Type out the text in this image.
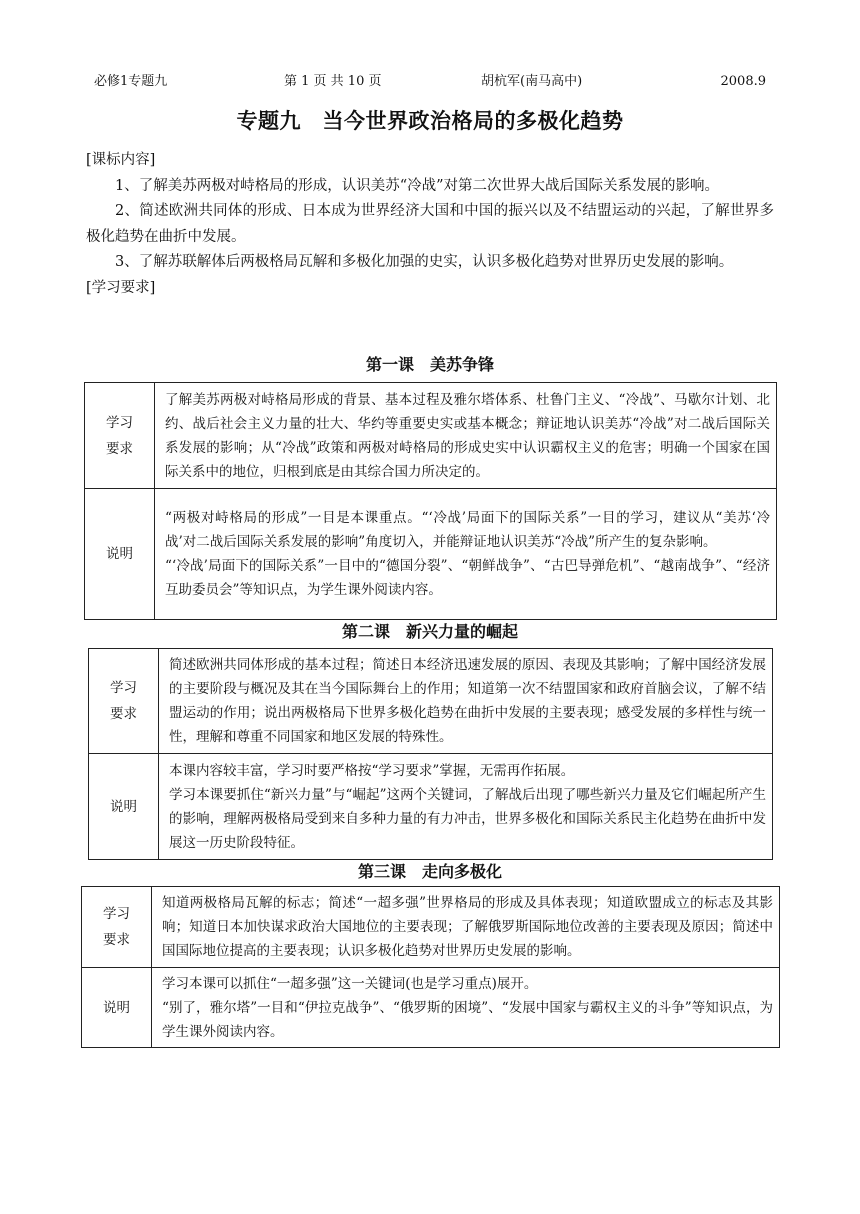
必修1专题九	第 1 页 共 10 页	胡杭军(南马高中)	2008.9
专题九　当今世界政治格局的多极化趋势
[课标内容]
1、了解美苏两极对峙格局的形成，认识美苏“冷战”对第二次世界大战后国际关系发展的影响。
2、简述欧洲共同体的形成、日本成为世界经济大国和中国的振兴以及不结盟运动的兴起，了解世界多极化趋势在曲折中发展。
3、了解苏联解体后两极格局瓦解和多极化加强的史实，认识多极化趋势对世界历史发展的影响。
[学习要求]
第一课　美苏争锋
学习
要求	了解美苏两极对峙格局形成的背景、基本过程及雅尔塔体系、杜鲁门主义、“冷战”、马歇尔计划、北约、战后社会主义力量的壮大、华约等重要史实或基本概念；辩证地认识美苏“冷战”对二战后国际关系发展的影响；从“冷战”政策和两极对峙格局的形成史实中认识霸权主义的危害；明确一个国家在国际关系中的地位，归根到底是由其综合国力所决定的。
说明	“两极对峙格局的形成”一目是本课重点。“‘冷战’局面下的国际关系”一目的学习，建议从“美苏‘冷战’对二战后国际关系发展的影响”角度切入，并能辩证地认识美苏“冷战”所产生的复杂影响。
“‘冷战’局面下的国际关系”一目中的“德国分裂”、“朝鲜战争”、“古巴导弹危机”、“越南战争”、“经济互助委员会”等知识点，为学生课外阅读内容。
第二课　新兴力量的崛起
学习
要求	简述欧洲共同体形成的基本过程；简述日本经济迅速发展的原因、表现及其影响；了解中国经济发展的主要阶段与概况及其在当今国际舞台上的作用；知道第一次不结盟国家和政府首脑会议，了解不结盟运动的作用；说出两极格局下世界多极化趋势在曲折中发展的主要表现；感受发展的多样性与统一性，理解和尊重不同国家和地区发展的特殊性。
说明	本课内容较丰富，学习时要严格按“学习要求”掌握，无需再作拓展。
学习本课要抓住“新兴力量”与“崛起”这两个关键词，了解战后出现了哪些新兴力量及它们崛起所产生的影响，理解两极格局受到来自多种力量的有力冲击，世界多极化和国际关系民主化趋势在曲折中发展这一历史阶段特征。
第三课　走向多极化
学习
要求	知道两极格局瓦解的标志；简述“一超多强”世界格局的形成及具体表现；知道欧盟成立的标志及其影响；知道日本加快谋求政治大国地位的主要表现；了解俄罗斯国际地位改善的主要表现及原因；简述中国国际地位提高的主要表现；认识多极化趋势对世界历史发展的影响。
说明	学习本课可以抓住“一超多强”这一关键词(也是学习重点)展开。
“别了，雅尔塔”一目和“伊拉克战争”、“俄罗斯的困境”、“发展中国家与霸权主义的斗争”等知识点，为学生课外阅读内容。
